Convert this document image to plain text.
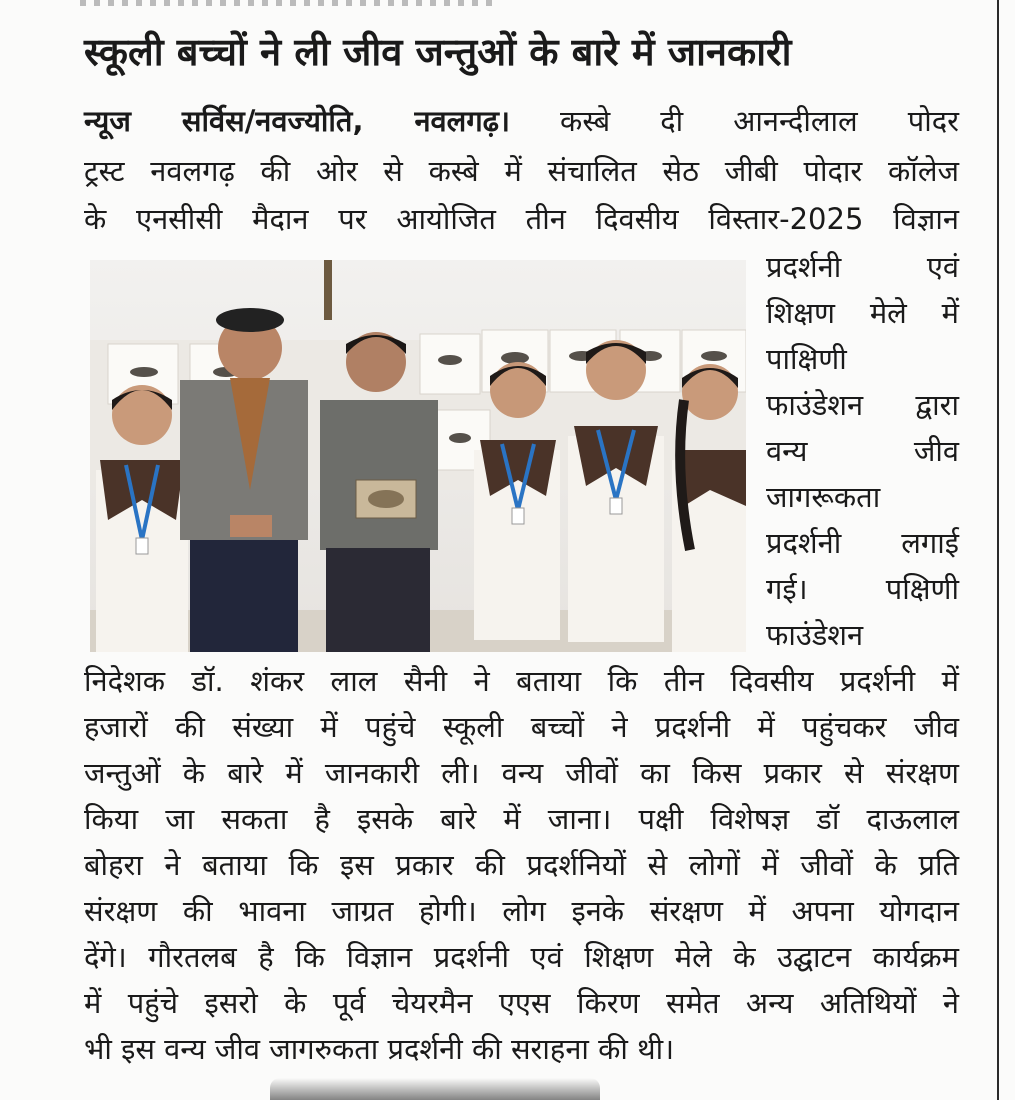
स्कूली बच्चों ने ली जीव जन्तुओं के बारे में जानकारी
न्यूज सर्विस/नवज्योति, नवलगढ़। कस्बे दी आनन्दीलाल पोदर
ट्रस्ट नवलगढ़ की ओर से कस्बे में संचालित सेठ जीबी पोदार कॉलेज
के एनसीसी मैदान पर आयोजित तीन दिवसीय विस्तार-2025 विज्ञान
प्रदर्शनी एवं
शिक्षण मेले में
पाक्षिणी
फाउंडेशन द्वारा
वन्य जीव
जागरूकता
प्रदर्शनी लगाई
गई। पक्षिणी
फाउंडेशन
निदेशक डॉ. शंकर लाल सैनी ने बताया कि तीन दिवसीय प्रदर्शनी में
हजारों की संख्या में पहुंचे स्कूली बच्चों ने प्रदर्शनी में पहुंचकर जीव
जन्तुओं के बारे में जानकारी ली। वन्य जीवों का किस प्रकार से संरक्षण
किया जा सकता है इसके बारे में जाना। पक्षी विशेषज्ञ डॉ दाऊलाल
बोहरा ने बताया कि इस प्रकार की प्रदर्शनियों से लोगों में जीवों के प्रति
संरक्षण की भावना जाग्रत होगी। लोग इनके संरक्षण में अपना योगदान
देंगे। गौरतलब है कि विज्ञान प्रदर्शनी एवं शिक्षण मेले के उद्घाटन कार्यक्रम
में पहुंचे इसरो के पूर्व चेयरमैन एएस किरण समेत अन्य अतिथियों ने
भी इस वन्य जीव जागरुकता प्रदर्शनी की सराहना की थी।
